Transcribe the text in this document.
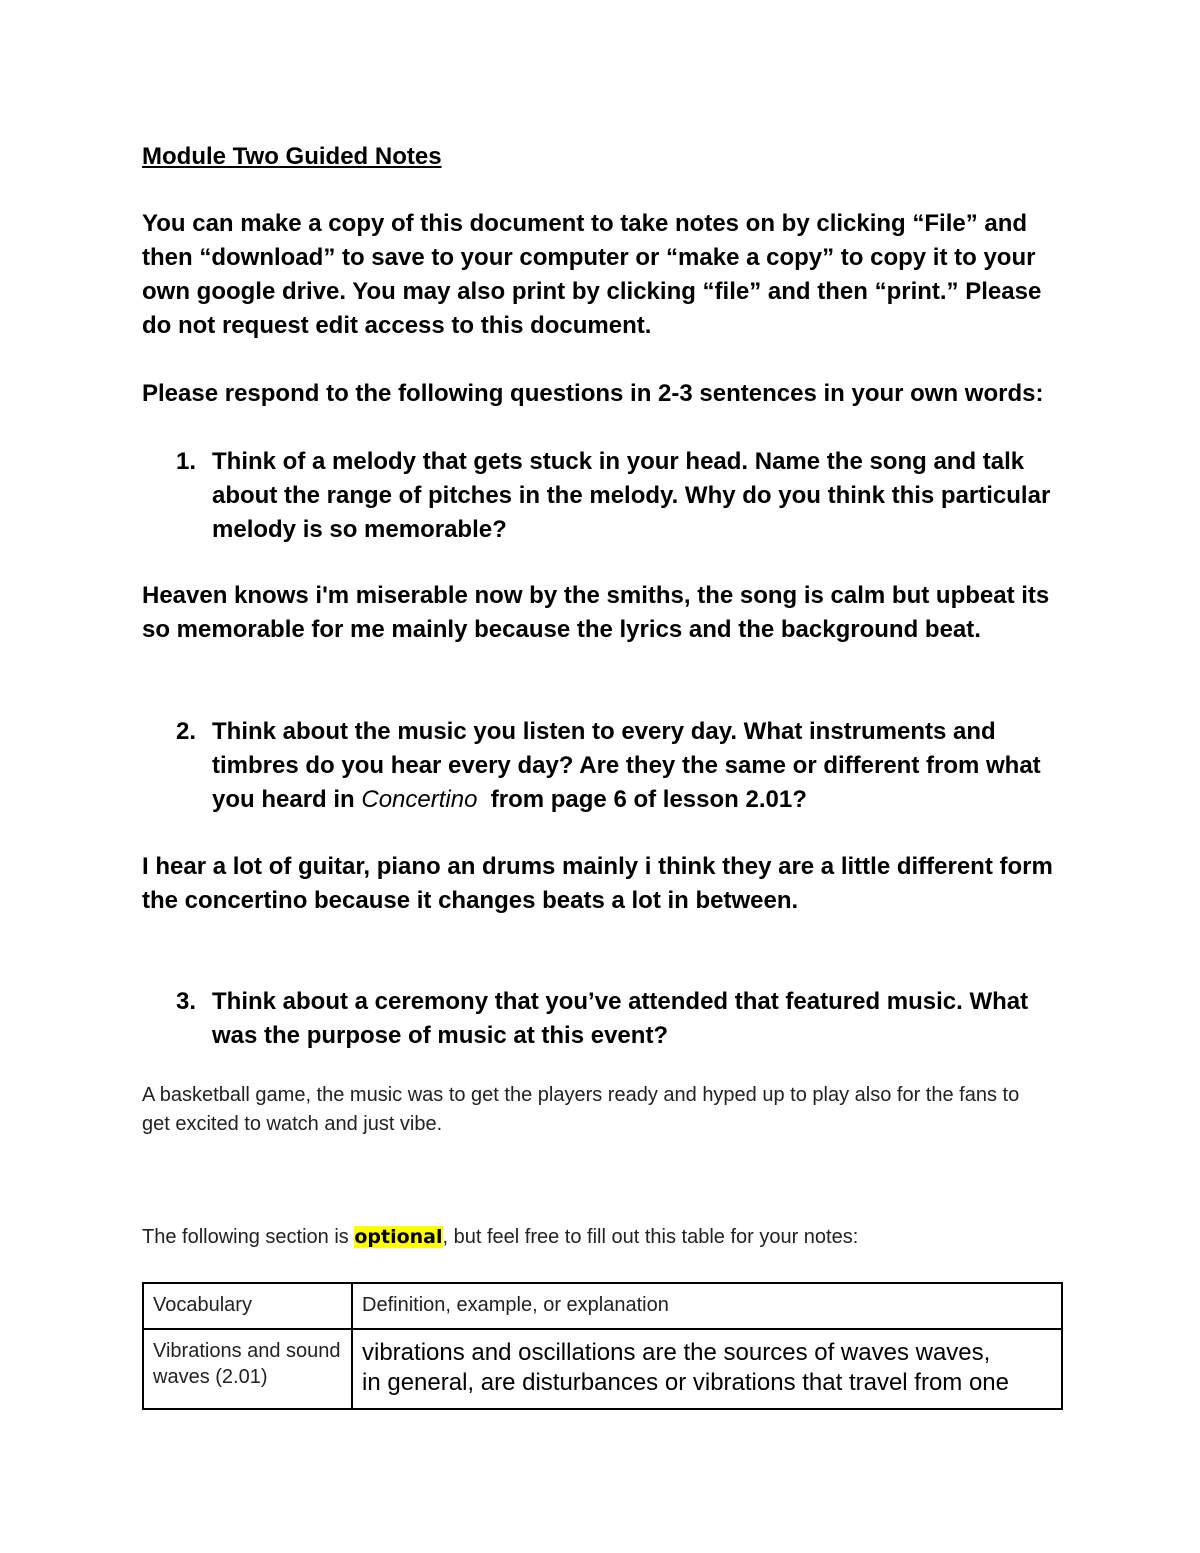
Module Two Guided Notes

You can make a copy of this document to take notes on by clicking “File” and then “download” to save to your computer or “make a copy” to copy it to your own google drive. You may also print by clicking “file” and then “print.” Please do not request edit access to this document.

Please respond to the following questions in 2-3 sentences in your own words:

1. Think of a melody that gets stuck in your head. Name the song and talk about the range of pitches in the melody. Why do you think this particular melody is so memorable?

Heaven knows i'm miserable now by the smiths, the song is calm but upbeat its so memorable for me mainly because the lyrics and the background beat.

2. Think about the music you listen to every day. What instruments and timbres do you hear every day? Are they the same or different from what you heard in Concertino  from page 6 of lesson 2.01?

I hear a lot of guitar, piano an drums mainly i think they are a little different form the concertino because it changes beats a lot in between.

3. Think about a ceremony that you’ve attended that featured music. What was the purpose of music at this event?

A basketball game, the music was to get the players ready and hyped up to play also for the fans to get excited to watch and just vibe.

The following section is optional, but feel free to fill out this table for your notes:

Vocabulary	Definition, example, or explanation
Vibrations and sound waves (2.01)	vibrations and oscillations are the sources of waves waves,
in general, are disturbances or vibrations that travel from one
